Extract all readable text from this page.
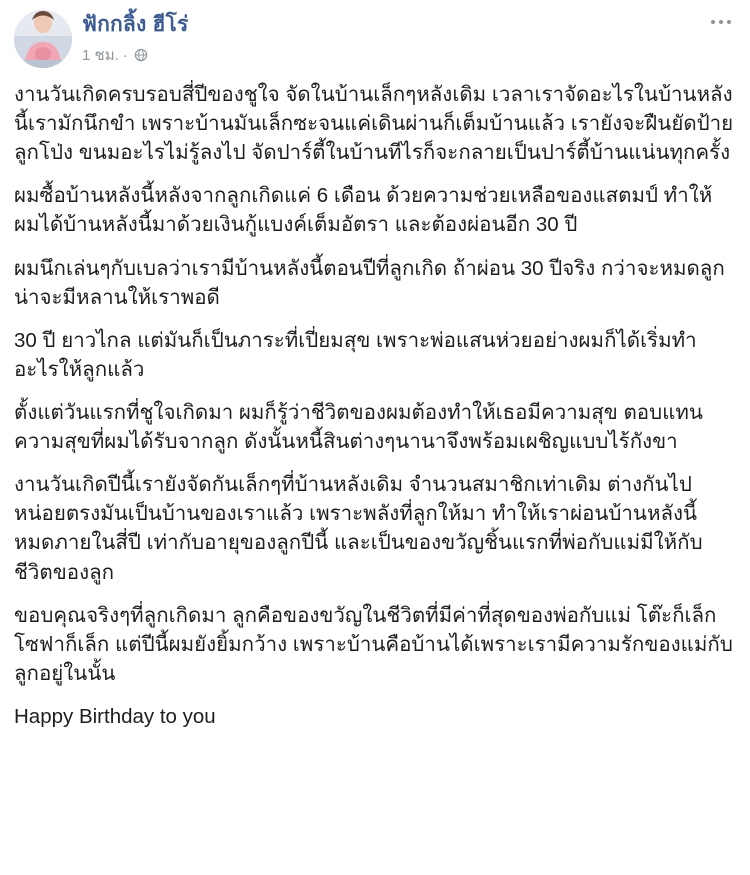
ฟักกลิ้ง ฮีโร่
1 ชม. ·

งานวันเกิดครบรอบสี่ปีของชูใจ จัดในบ้านเล็กๆหลังเดิม เวลาเราจัดอะไรในบ้านหลังนี้เรามักนึกขำ เพราะบ้านมันเล็กซะจนแค่เดินผ่านก็เต็มบ้านแล้ว เรายังจะฝืนยัดป้าย ลูกโป่ง ขนมอะไรไม่รู้ลงไป จัดปาร์ตี้ในบ้านทีไรก็จะกลายเป็นปาร์ตี้บ้านแน่นทุกครั้ง

ผมซื้อบ้านหลังนี้หลังจากลูกเกิดแค่ 6 เดือน ด้วยความช่วยเหลือของแสตมป์ ทำให้ผมได้บ้านหลังนี้มาด้วยเงินกู้แบงค์เต็มอัตรา และต้องผ่อนอีก 30 ปี

ผมนึกเล่นๆกับเบลว่าเรามีบ้านหลังนี้ตอนปีที่ลูกเกิด ถ้าผ่อน 30 ปีจริง กว่าจะหมดลูกน่าจะมีหลานให้เราพอดี

30 ปี ยาวไกล แต่มันก็เป็นภาระที่เปี่ยมสุข เพราะพ่อแสนห่วยอย่างผมก็ได้เริ่มทำอะไรให้ลูกแล้ว

ตั้งแต่วันแรกที่ชูใจเกิดมา ผมก็รู้ว่าชีวิตของผมต้องทำให้เธอมีความสุข ตอบแทนความสุขที่ผมได้รับจากลูก ดังนั้นหนี้สินต่างๆนานาจึงพร้อมเผชิญแบบไร้กังขา

งานวันเกิดปีนี้เรายังจัดกันเล็กๆที่บ้านหลังเดิม จำนวนสมาชิกเท่าเดิม ต่างกันไปหน่อยตรงมันเป็นบ้านของเราแล้ว เพราะพลังที่ลูกให้มา ทำให้เราผ่อนบ้านหลังนี้หมดภายในสี่ปี เท่ากับอายุของลูกปีนี้ และเป็นของขวัญชิ้นแรกที่พ่อกับแม่มีให้กับชีวิตของลูก

ขอบคุณจริงๆที่ลูกเกิดมา ลูกคือของขวัญในชีวิตที่มีค่าที่สุดของพ่อกับแม่ โต๊ะก็เล็ก โซฟาก็เล็ก แต่ปีนี้ผมยังยิ้มกว้าง เพราะบ้านคือบ้านได้เพราะเรามีความรักของแม่กับลูกอยู่ในนั้น

Happy Birthday to you
